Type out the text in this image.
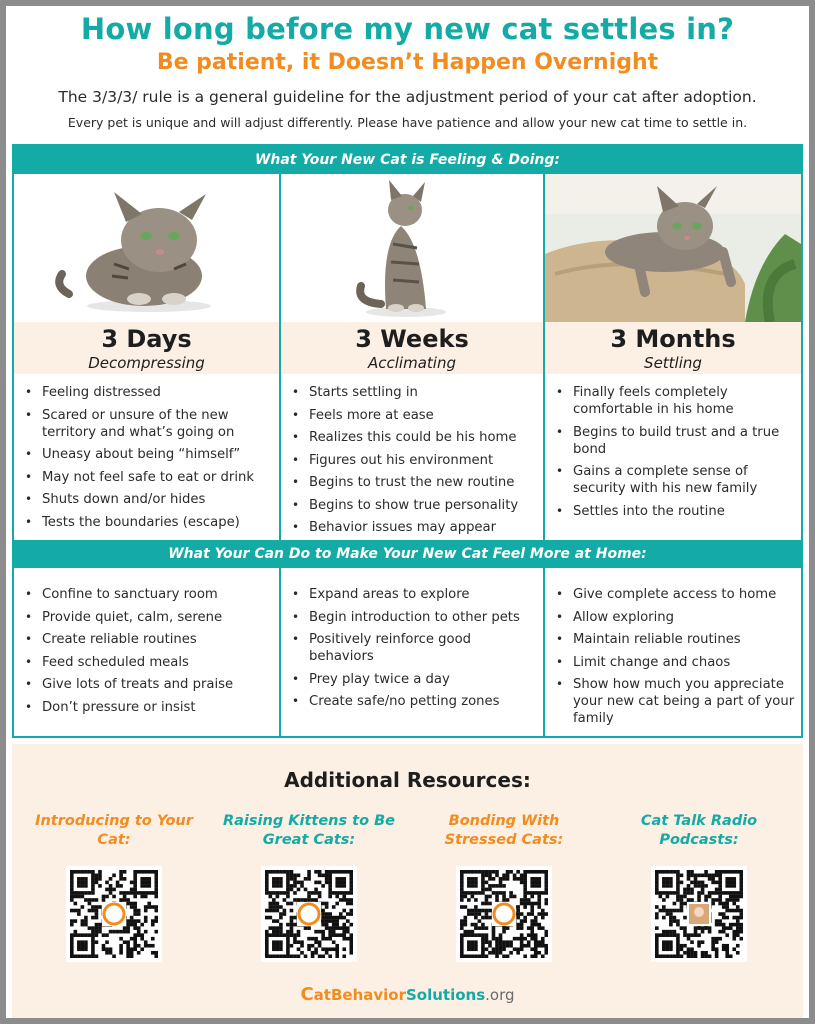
How long before my new cat settles in?
Be patient, it Doesn’t Happen Overnight
The 3/3/3/ rule is a general guideline for the adjustment period of your cat after adoption.
Every pet is unique and will adjust differently. Please have patience and allow your new cat time to settle in.
What Your New Cat is Feeling & Doing:
3 Days
Decompressing
• Feeling distressed
• Scared or unsure of the new territory and what’s going on
• Uneasy about being “himself”
• May not feel safe to eat or drink
• Shuts down and/or hides
• Tests the boundaries (escape)
3 Weeks
Acclimating
• Starts settling in
• Feels more at ease
• Realizes this could be his home
• Figures out his environment
• Begins to trust the new routine
• Begins to show true personality
• Behavior issues may appear
3 Months
Settling
• Finally feels completely comfortable in his home
• Begins to build trust and a true bond
• Gains a complete sense of security with his new family
• Settles into the routine
What Your Can Do to Make Your New Cat Feel More at Home:
• Confine to sanctuary room
• Provide quiet, calm, serene
• Create reliable routines
• Feed scheduled meals
• Give lots of treats and praise
• Don’t pressure or insist
• Expand areas to explore
• Begin introduction to other pets
• Positively reinforce good behaviors
• Prey play twice a day
• Create safe/no petting zones
• Give complete access to home
• Allow exploring
• Maintain reliable routines
• Limit change and chaos
• Show how much you appreciate your new cat being a part of your family
Additional Resources:
Introducing to Your Cat:
Raising Kittens to Be Great Cats:
Bonding With Stressed Cats:
Cat Talk Radio Podcasts:
CatBehaviorSolutions.org
